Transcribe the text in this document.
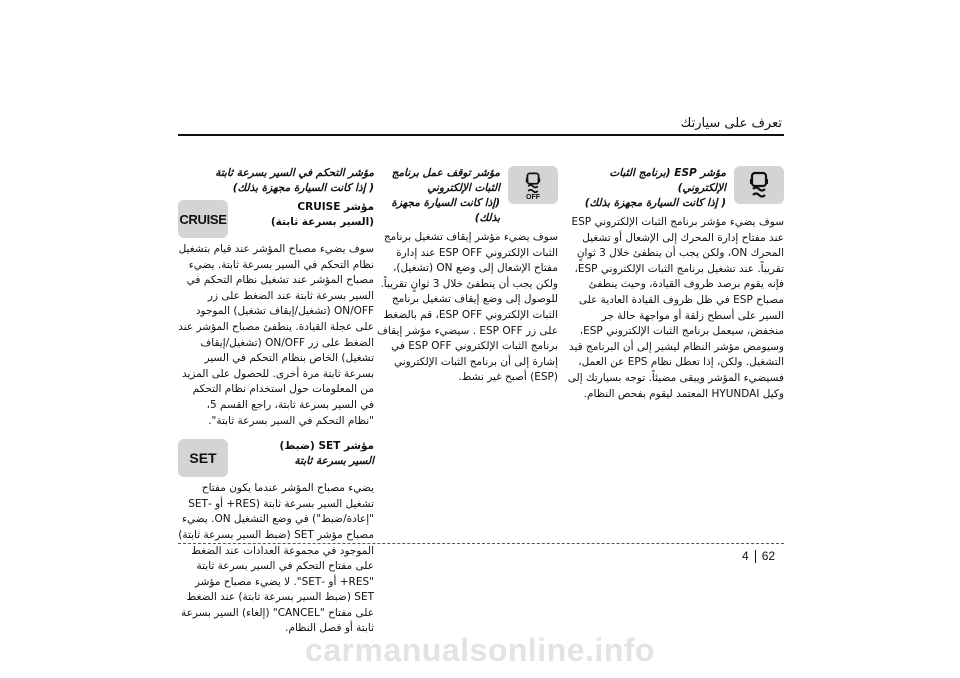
تعرف على سيارتك
مؤشر ESP (برنامج الثبات الإلكتروني)
( إذا كانت السيارة مجهزة بذلك)
سوف يضيء مؤشر برنامج الثبات الإلكتروني ESP عند مفتاح إدارة المحرك إلى الإشعال أو تشغيل المحرك ON، ولكن يجب أن ينطفئ خلال 3 ثوانٍ تقريباً. عند تشغيل برنامج الثبات الإلكتروني ESP، فإنه يقوم برصد ظروف القيادة، وحيث ينطفئ مصباح ESP في ظل ظروف القيادة العادية على السير على أسطح زلقة أو مواجهة حالة جر منخفض، سيعمل برنامج الثبات الإلكتروني ESP، وسيومض مؤشر النظام ليشير إلى أن البرنامج قيد التشغيل. ولكن، إذا تعطل نظام EPS عن العمل، فسيضيء المؤشر ويبقى مضيئاً. توجه بسيارتك إلى وكيل HYUNDAI المعتمد ليقوم بفحص النظام.
OFF
مؤشر توقف عمل برنامج الثبات الإلكتروني
(إذا كانت السيارة مجهزة بذلك)
سوف يضيء مؤشر إيقاف تشغيل برنامج الثبات الإلكتروني ESP OFF عند إدارة مفتاح الإشعال إلى وضع ON (تشغيل)، ولكن يجب أن ينطفئ خلال 3 ثوانٍ تقريباً. للوصول إلى وضع إيقاف تشغيل برنامج الثبات الإلكتروني ESP OFF، قم بالضغط على زر ESP OFF . سيضيء مؤشر إيقاف برنامج الثبات الإلكتروني ESP OFF في إشارة إلى أن برنامج الثبات الإلكتروني (ESP) أصبح غير نشط.
مؤشر التحكم في السير بسرعة ثابتة
( إذا كانت السيارة مجهزة بذلك)
مؤشر CRUISE
(السير بسرعة ثابتة)
CRUISE
سوف يضيء مصباح المؤشر عند قيام بتشغيل نظام التحكم في السير بسرعة ثابتة. يضيء مصباح المؤشر عند تشغيل نظام التحكم في السير بسرعة ثابتة عند الضغط على زر ON/OFF (تشغيل/إيقاف تشغيل) الموجود على عجلة القيادة. ينطفئ مصباح المؤشر عند الضغط على زر ON/OFF (تشغيل/إيقاف تشغيل) الخاص بنظام التحكم في السير بسرعة ثابتة مرة أخرى. للحصول على المزيد من المعلومات حول استخدام نظام التحكم في السير بسرعة ثابتة، راجع القسم 5، "نظام التحكم في السير بسرعة ثابتة".
مؤشر SET (ضبط)
السير بسرعة ثابتة
SET
يضيء مصباح المؤشر عندما يكون مفتاح تشغيل السير بسرعة ثابتة (RES+ أو -SET "إعادة/ضبط") في وضع التشغيل ON. يضيء مصباح مؤشر SET (ضبط السير بسرعة ثابتة) الموجود في مجموعة العدادات عند الضغط على مفتاح التحكم في السير بسرعة ثابتة "RES+ أو -SET". لا يضيء مصباح مؤشر SET (ضبط السير بسرعة ثابتة) عند الضغط على مفتاح "CANCEL" (إلغاء) السير بسرعة ثابتة أو فصل النظام.
4	62
carmanualsonline.info
